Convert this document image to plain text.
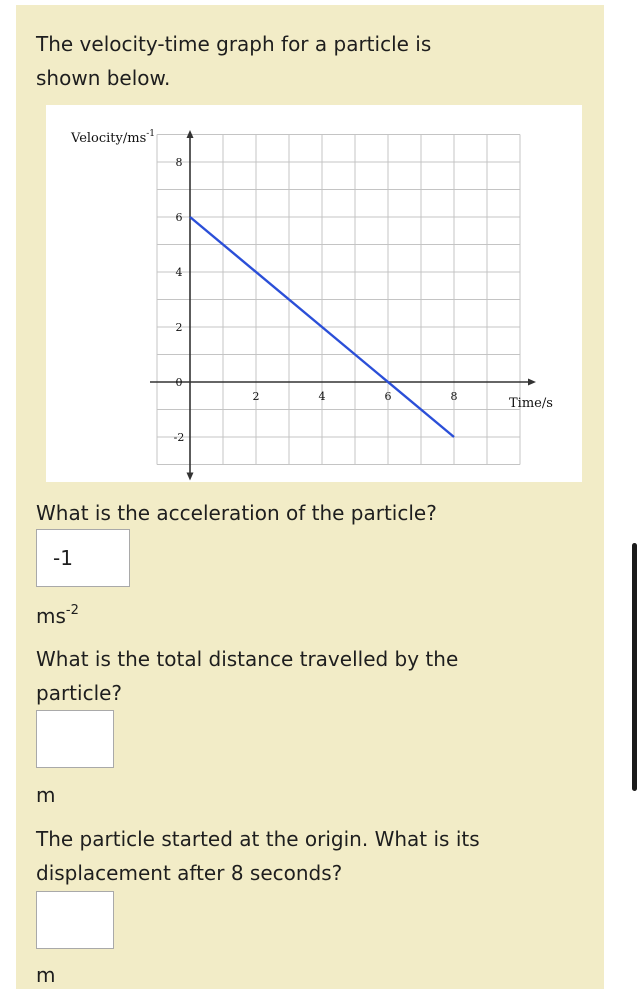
The velocity-time graph for a particle is
shown below.
2	4	6	8
8
6
4
2
0
-2
Velocity/$ms^{-1}$
Time/s
What is the acceleration of the particle?
-1
$ms^{-2}$
What is the total distance travelled by the
particle?
m
The particle started at the origin. What is its
displacement after 8 seconds?
m
